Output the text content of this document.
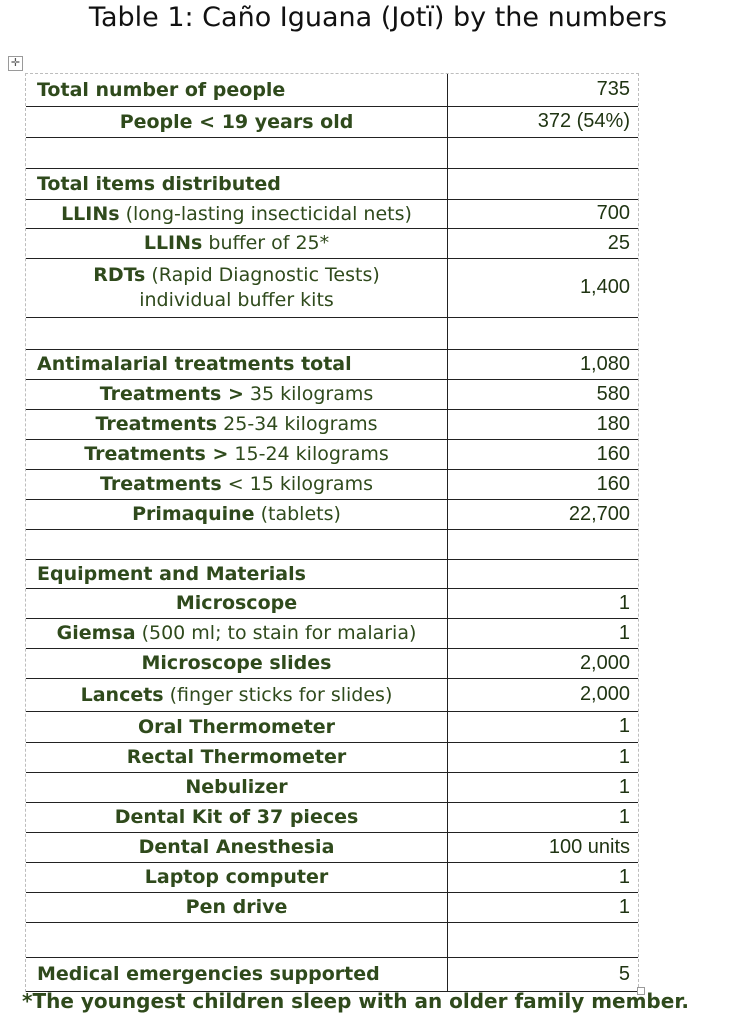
Table 1: Caño Iguana (Jotï) by the numbers
✛
Total number of people	735
People < 19 years old	372 (54%)

Total items distributed	
LLINs (long-lasting insecticidal nets)	700
LLINs buffer of 25*	25

RDTs (Rapid Diagnostic Tests)
individual buffer kits	1,400

Antimalarial treatments total	1,080
Treatments > 35 kilograms	580
Treatments 25-34 kilograms	180
Treatments > 15-24 kilograms	160
Treatments < 15 kilograms	160
Primaquine (tablets)	22,700

Equipment and Materials	
Microscope	1
Giemsa (500 ml; to stain for malaria)	1
Microscope slides	2,000
Lancets (finger sticks for slides)	2,000
Oral Thermometer	1
Rectal Thermometer	1
Nebulizer	1
Dental Kit of 37 pieces	1
Dental Anesthesia	100 units
Laptop computer	1
Pen drive	1

Medical emergencies supported	5
*The youngest children sleep with an older family member.
